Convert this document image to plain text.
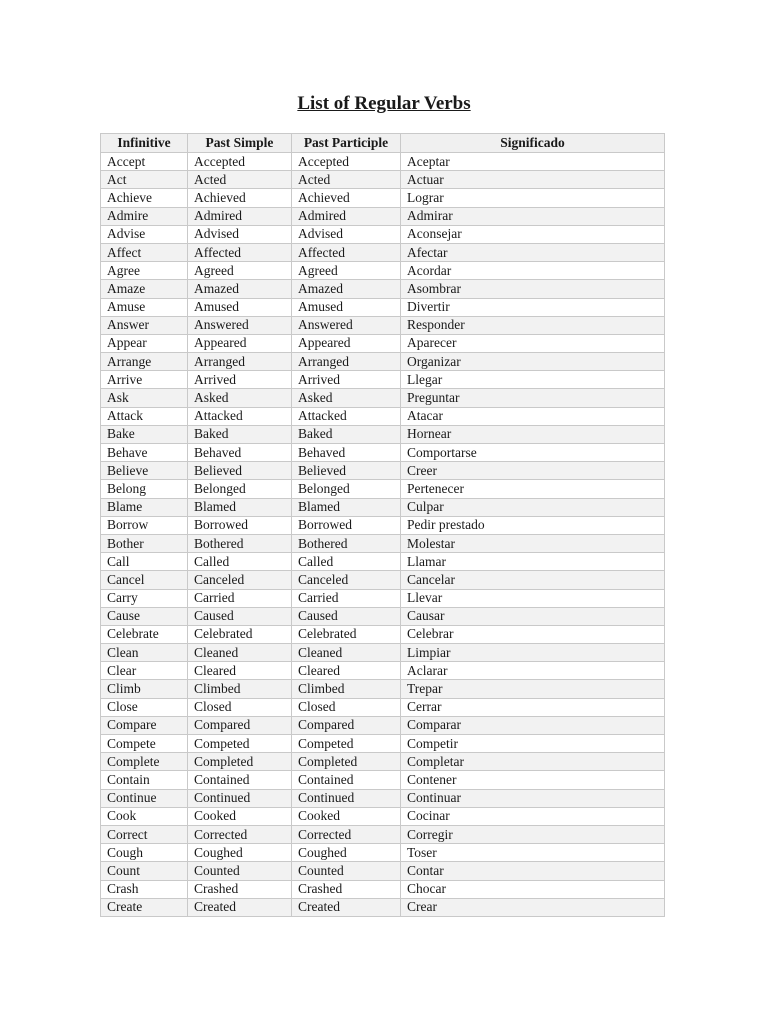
List of Regular Verbs
Infinitive	Past Simple	Past Participle	Significado
Accept	Accepted	Accepted	Aceptar
Act	Acted	Acted	Actuar
Achieve	Achieved	Achieved	Lograr
Admire	Admired	Admired	Admirar
Advise	Advised	Advised	Aconsejar
Affect	Affected	Affected	Afectar
Agree	Agreed	Agreed	Acordar
Amaze	Amazed	Amazed	Asombrar
Amuse	Amused	Amused	Divertir
Answer	Answered	Answered	Responder
Appear	Appeared	Appeared	Aparecer
Arrange	Arranged	Arranged	Organizar
Arrive	Arrived	Arrived	Llegar
Ask	Asked	Asked	Preguntar
Attack	Attacked	Attacked	Atacar
Bake	Baked	Baked	Hornear
Behave	Behaved	Behaved	Comportarse
Believe	Believed	Believed	Creer
Belong	Belonged	Belonged	Pertenecer
Blame	Blamed	Blamed	Culpar
Borrow	Borrowed	Borrowed	Pedir prestado
Bother	Bothered	Bothered	Molestar
Call	Called	Called	Llamar
Cancel	Canceled	Canceled	Cancelar
Carry	Carried	Carried	Llevar
Cause	Caused	Caused	Causar
Celebrate	Celebrated	Celebrated	Celebrar
Clean	Cleaned	Cleaned	Limpiar
Clear	Cleared	Cleared	Aclarar
Climb	Climbed	Climbed	Trepar
Close	Closed	Closed	Cerrar
Compare	Compared	Compared	Comparar
Compete	Competed	Competed	Competir
Complete	Completed	Completed	Completar
Contain	Contained	Contained	Contener
Continue	Continued	Continued	Continuar
Cook	Cooked	Cooked	Cocinar
Correct	Corrected	Corrected	Corregir
Cough	Coughed	Coughed	Toser
Count	Counted	Counted	Contar
Crash	Crashed	Crashed	Chocar
Create	Created	Created	Crear
